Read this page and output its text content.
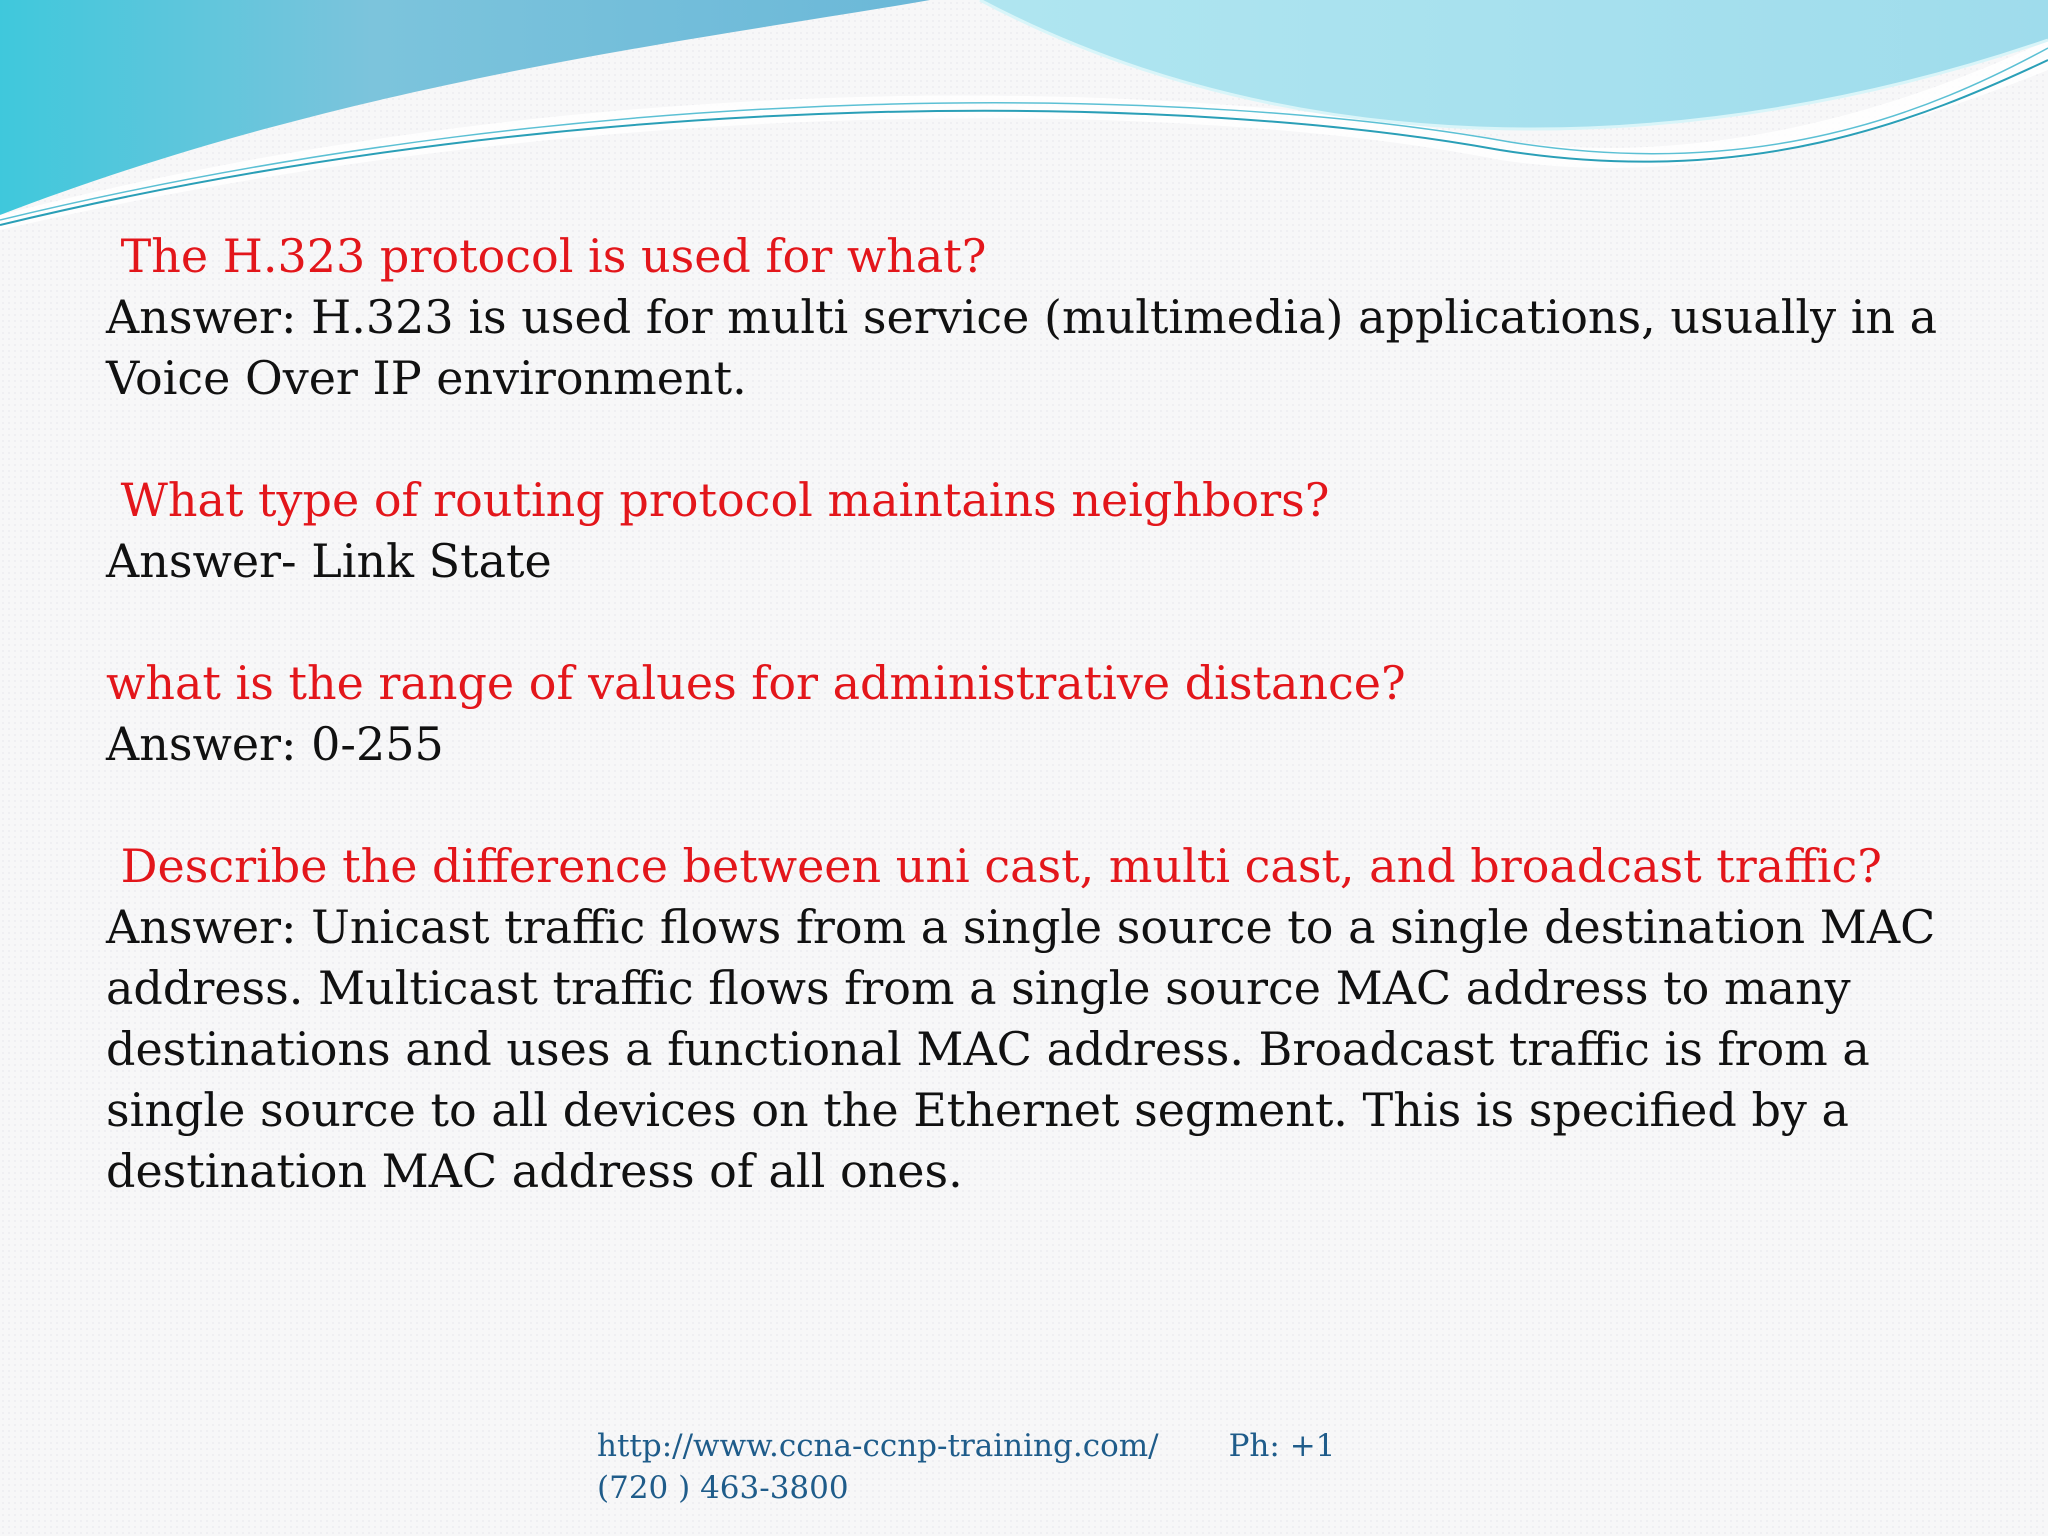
The H.323 protocol is used for what?
Answer: H.323 is used for multi service (multimedia) applications, usually in a Voice Over IP environment.
What type of routing protocol maintains neighbors?
Answer- Link State
what is the range of values for administrative distance?
Answer: 0-255
Describe the difference between uni cast, multi cast, and broadcast traffic?
Answer: Unicast traffic flows from a single source to a single destination MAC address. Multicast traffic flows from a single source MAC address to many destinations and uses a functional MAC address. Broadcast traffic is from a single source to all devices on the Ethernet segment. This is specified by a destination MAC address of all ones.
http://www.ccna-ccnp-training.com/ Ph: +1
(720 ) 463-3800
